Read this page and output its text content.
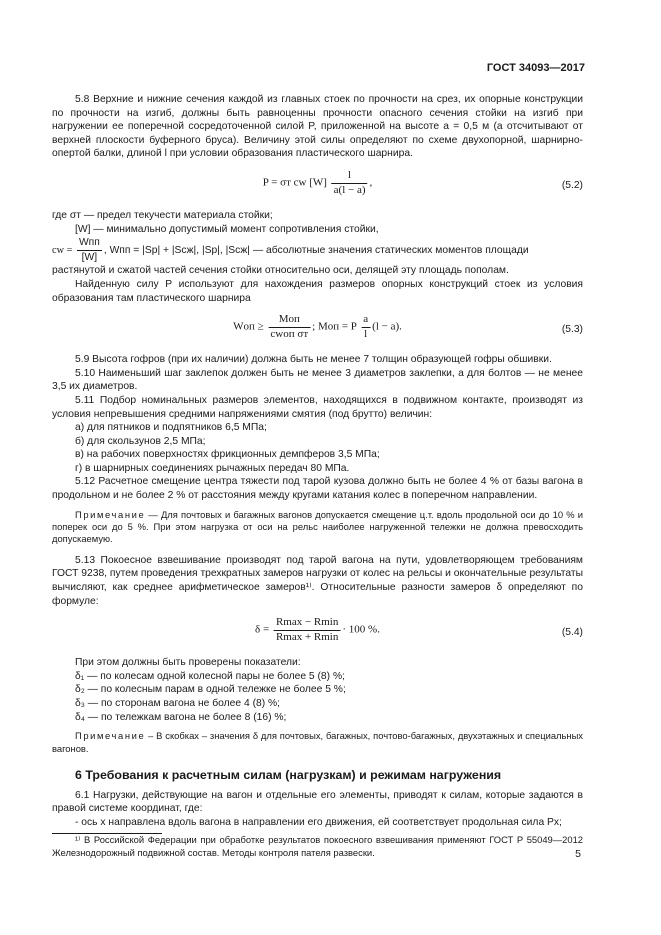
ГОСТ 34093—2017

5.8 Верхние и нижние сечения каждой из главных стоек по прочности на срез, их опорные конструкции по прочности на изгиб, должны быть равноценны прочности опасного сечения стойки на изгиб при нагружении ее поперечной сосредоточенной силой P, приложенной на высоте a = 0,5 м (а отсчитывают от верхней плоскости буферного бруса). Величину этой силы определяют по схеме двухопорной, шарнирно-опертой балки, длиной l при условии образования пластического шарнира.

P = σт cw $[W] \frac{l}{a(l - a)}$ ,	(5.2)

где σт — предел текучести материала стойки;

[W] — минимально допустимый момент сопротивления стойки,

cw = $\frac{\text{Wпп}}{[W]}$ , Wпп = |Sр| + |Sсж|, |Sр|, |Sсж| — абсолютные значения статических моментов площади

растянутой и сжатой частей сечения стойки относительно оси, делящей эту площадь пополам.

Найденную силу P используют для нахождения размеров опорных конструкций стоек из условия образования там пластического шарнира

Wоп ≥ $\frac{\text{Mоп}}{\text{cwоп σт}}$ ; Mоп = P $\frac{a}{l} (l - a)$.	(5.3)

5.9 Высота гофров (при их наличии) должна быть не менее 7 толщин образующей гофры обшивки.

5.10 Наименьший шаг заклепок должен быть не менее 3 диаметров заклепки, а для болтов — не менее 3,5 их диаметров.

5.11 Подбор номинальных размеров элементов, находящихся в подвижном контакте, производят из условия непревышения средними напряжениями смятия (под брутто) величин:

а) для пятников и подпятников 6,5 МПа;

б) для скользунов 2,5 МПа;

в) на рабочих поверхностях фрикционных демпферов 3,5 МПа;

г) в шарнирных соединениях рычажных передач 80 МПа.

5.12 Расчетное смещение центра тяжести под тарой кузова должно быть не более 4 % от базы вагона в продольном и не более 2 % от расстояния между кругами катания колес в поперечном направлении.

Примечание — Для почтовых и багажных вагонов допускается смещение ц.т. вдоль продольной оси до 10 % и поперек оси до 5 %. При этом нагрузка от оси на рельс наиболее нагруженной тележки не должна превосходить допускаемую.

5.13 Покоесное взвешивание производят под тарой вагона на пути, удовлетворяющем требованиям ГОСТ 9238, путем проведения трехкратных замеров нагрузки от колес на рельсы и окончательные результаты вычисляют, как среднее арифметическое замеров¹⁾. Относительные разности замеров δ определяют по формуле:

$\delta = \frac{Rmax - Rmin}{Rmax + Rmin} \cdot 100$ %.	(5.4)

При этом должны быть проверены показатели:

δ₁ — по колесам одной колесной пары не более 5 (8) %;

δ₂ — по колесным парам в одной тележке не более 5 %;

δ₃ — по сторонам вагона не более 4 (8) %;

δ₄ — по тележкам вагона не более 8 (16) %;

Примечание – В скобках – значения δ для почтовых, багажных, почтово-багажных, двухэтажных и специальных вагонов.

6 Требования к расчетным силам (нагрузкам) и режимам нагружения

6.1 Нагрузки, действующие на вагон и отдельные его элементы, приводят к силам, которые задаются в правой системе координат, где:

- ось x направлена вдоль вагона в направлении его движения, ей соответствует продольная сила Px;

¹⁾ В Российской Федерации при обработке результатов покоесного взвешивания применяют ГОСТ Р 55049—2012 Железнодорожный подвижной состав. Методы контроля пателя развески.	5
